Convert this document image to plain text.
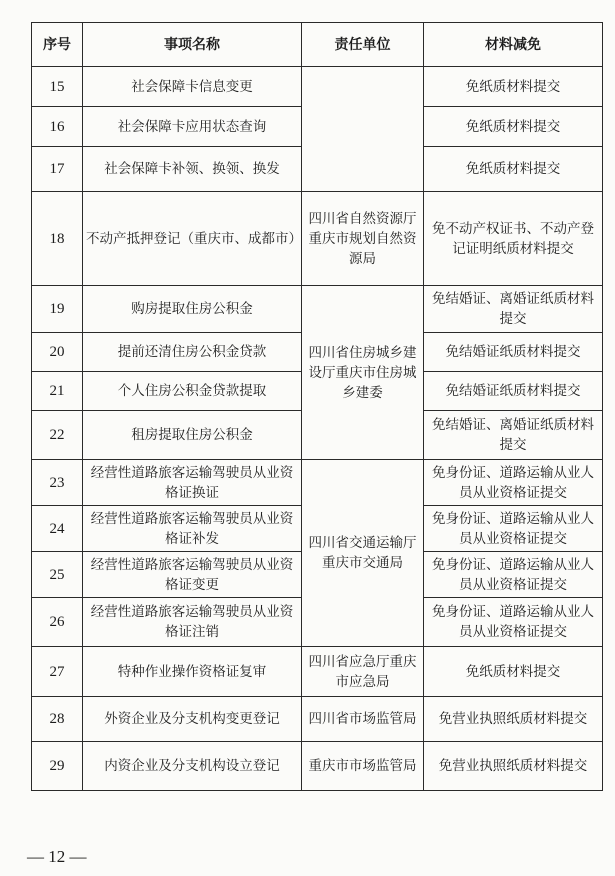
序号	事项名称	责任单位	材料减免
15	社会保障卡信息变更		免纸质材料提交
16	社会保障卡应用状态查询		免纸质材料提交
17	社会保障卡补领、换领、换发		免纸质材料提交
18	不动产抵押登记（重庆市、成都市）	四川省自然资源厅重庆市规划自然资源局	免不动产权证书、不动产登记证明纸质材料提交
19	购房提取住房公积金	四川省住房城乡建设厅重庆市住房城乡建委	免结婚证、离婚证纸质材料提交
20	提前还清住房公积金贷款		免结婚证纸质材料提交
21	个人住房公积金贷款提取		免结婚证纸质材料提交
22	租房提取住房公积金		免结婚证、离婚证纸质材料提交
23	经营性道路旅客运输驾驶员从业资格证换证	四川省交通运输厅重庆市交通局	免身份证、道路运输从业人员从业资格证提交
24	经营性道路旅客运输驾驶员从业资格证补发		免身份证、道路运输从业人员从业资格证提交
25	经营性道路旅客运输驾驶员从业资格证变更		免身份证、道路运输从业人员从业资格证提交
26	经营性道路旅客运输驾驶员从业资格证注销		免身份证、道路运输从业人员从业资格证提交
27	特种作业操作资格证复审	四川省应急厅重庆市应急局	免纸质材料提交
28	外资企业及分支机构变更登记	四川省市场监管局	免营业执照纸质材料提交
29	内资企业及分支机构设立登记	重庆市市场监管局	免营业执照纸质材料提交
— 12 —
